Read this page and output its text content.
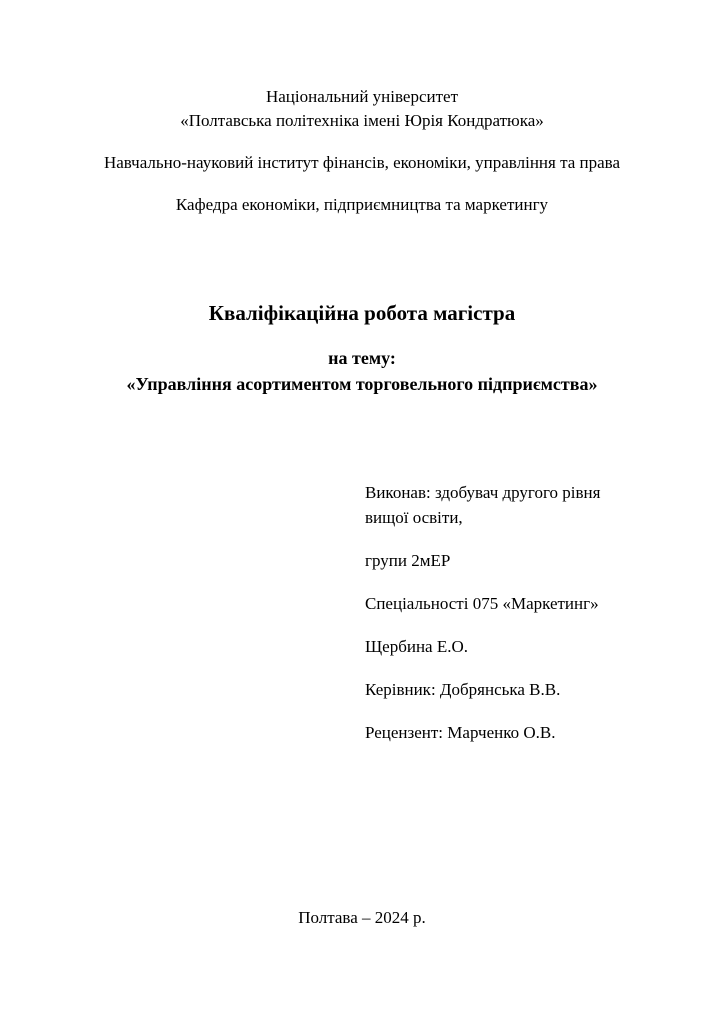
Національний університет
«Полтавська політехніка імені Юрія Кондратюка»
Навчально-науковий інститут фінансів, економіки, управління та права
Кафедра економіки, підприємництва та маркетингу
Кваліфікаційна робота магістра
на тему:
«Управління асортиментом торговельного підприємства»

Виконав: здобувач другого рівня вищої освіти,

групи 2мЕР

Спеціальності 075 «Маркетинг»

Щербина Е.О.

Керівник: Добрянська В.В.

Рецензент: Марченко О.В.

Полтава – 2024 р.
